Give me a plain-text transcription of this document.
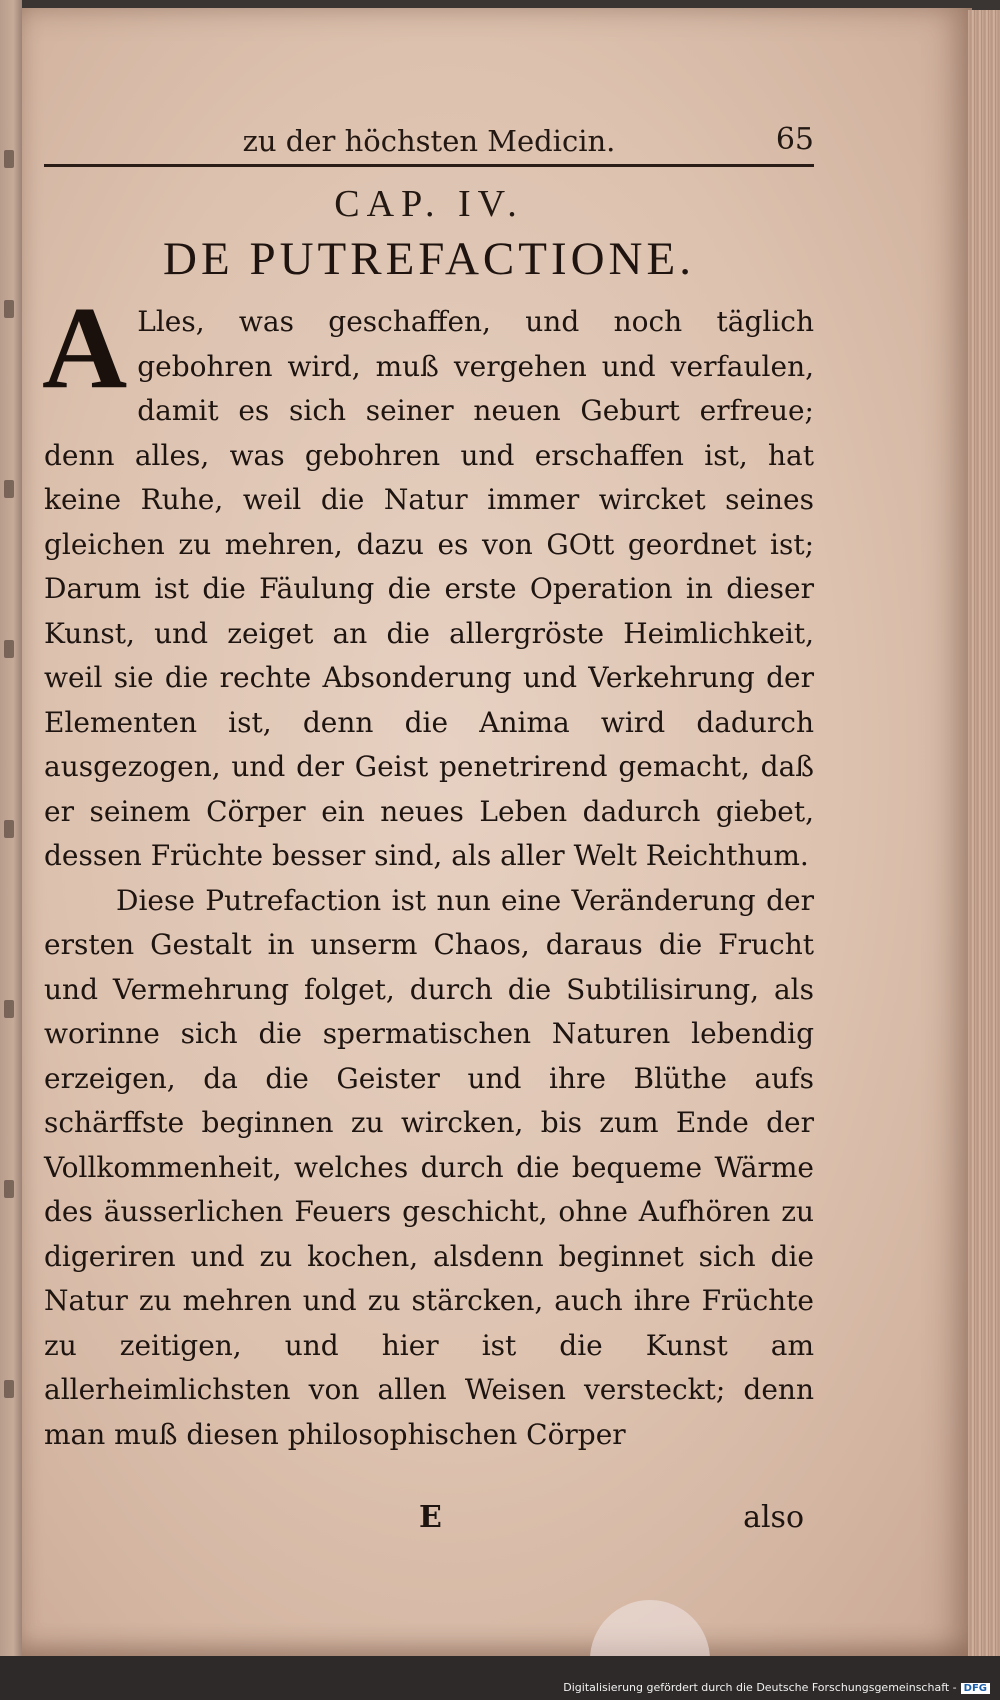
zu der höchsten Medicin.	65
CAP. IV.
DE PUTREFACTIONE.

A Lles, was geschaffen, und noch täglich gebohren wird, muß vergehen und verfaulen, damit es sich seiner neuen Geburt erfreue; denn alles, was gebohren und erschaffen ist, hat keine Ruhe, weil die Natur immer wircket seines gleichen zu mehren, dazu es von GOtt geordnet ist; Darum ist die Fäulung die erste Operation in dieser Kunst, und zeiget an die allergröste Heimlichkeit, weil sie die rechte Absonderung und Verkehrung der Elementen ist, denn die Anima wird dadurch ausgezogen, und der Geist penetrirend gemacht, daß er seinem Cörper ein neues Leben dadurch giebet, dessen Früchte besser sind, als aller Welt Reichthum.

Diese Putrefaction ist nun eine Veränderung der ersten Gestalt in unserm Chaos, daraus die Frucht und Vermehrung folget, durch die Subtilisirung, als worinne sich die spermatischen Naturen lebendig erzeigen, da die Geister und ihre Blüthe aufs schärffste beginnen zu wircken, bis zum Ende der Vollkommenheit, welches durch die bequeme Wärme des äusserlichen Feuers geschicht, ohne Aufhören zu digeriren und zu kochen, alsdenn beginnet sich die Natur zu mehren und zu stärcken, auch ihre Früchte zu zeitigen, und hier ist die Kunst am allerheimlichsten von allen Weisen versteckt; denn man muß diesen philosophischen Cörper

E	also
Digitalisierung gefördert durch die Deutsche Forschungsgemeinschaft - DFG
